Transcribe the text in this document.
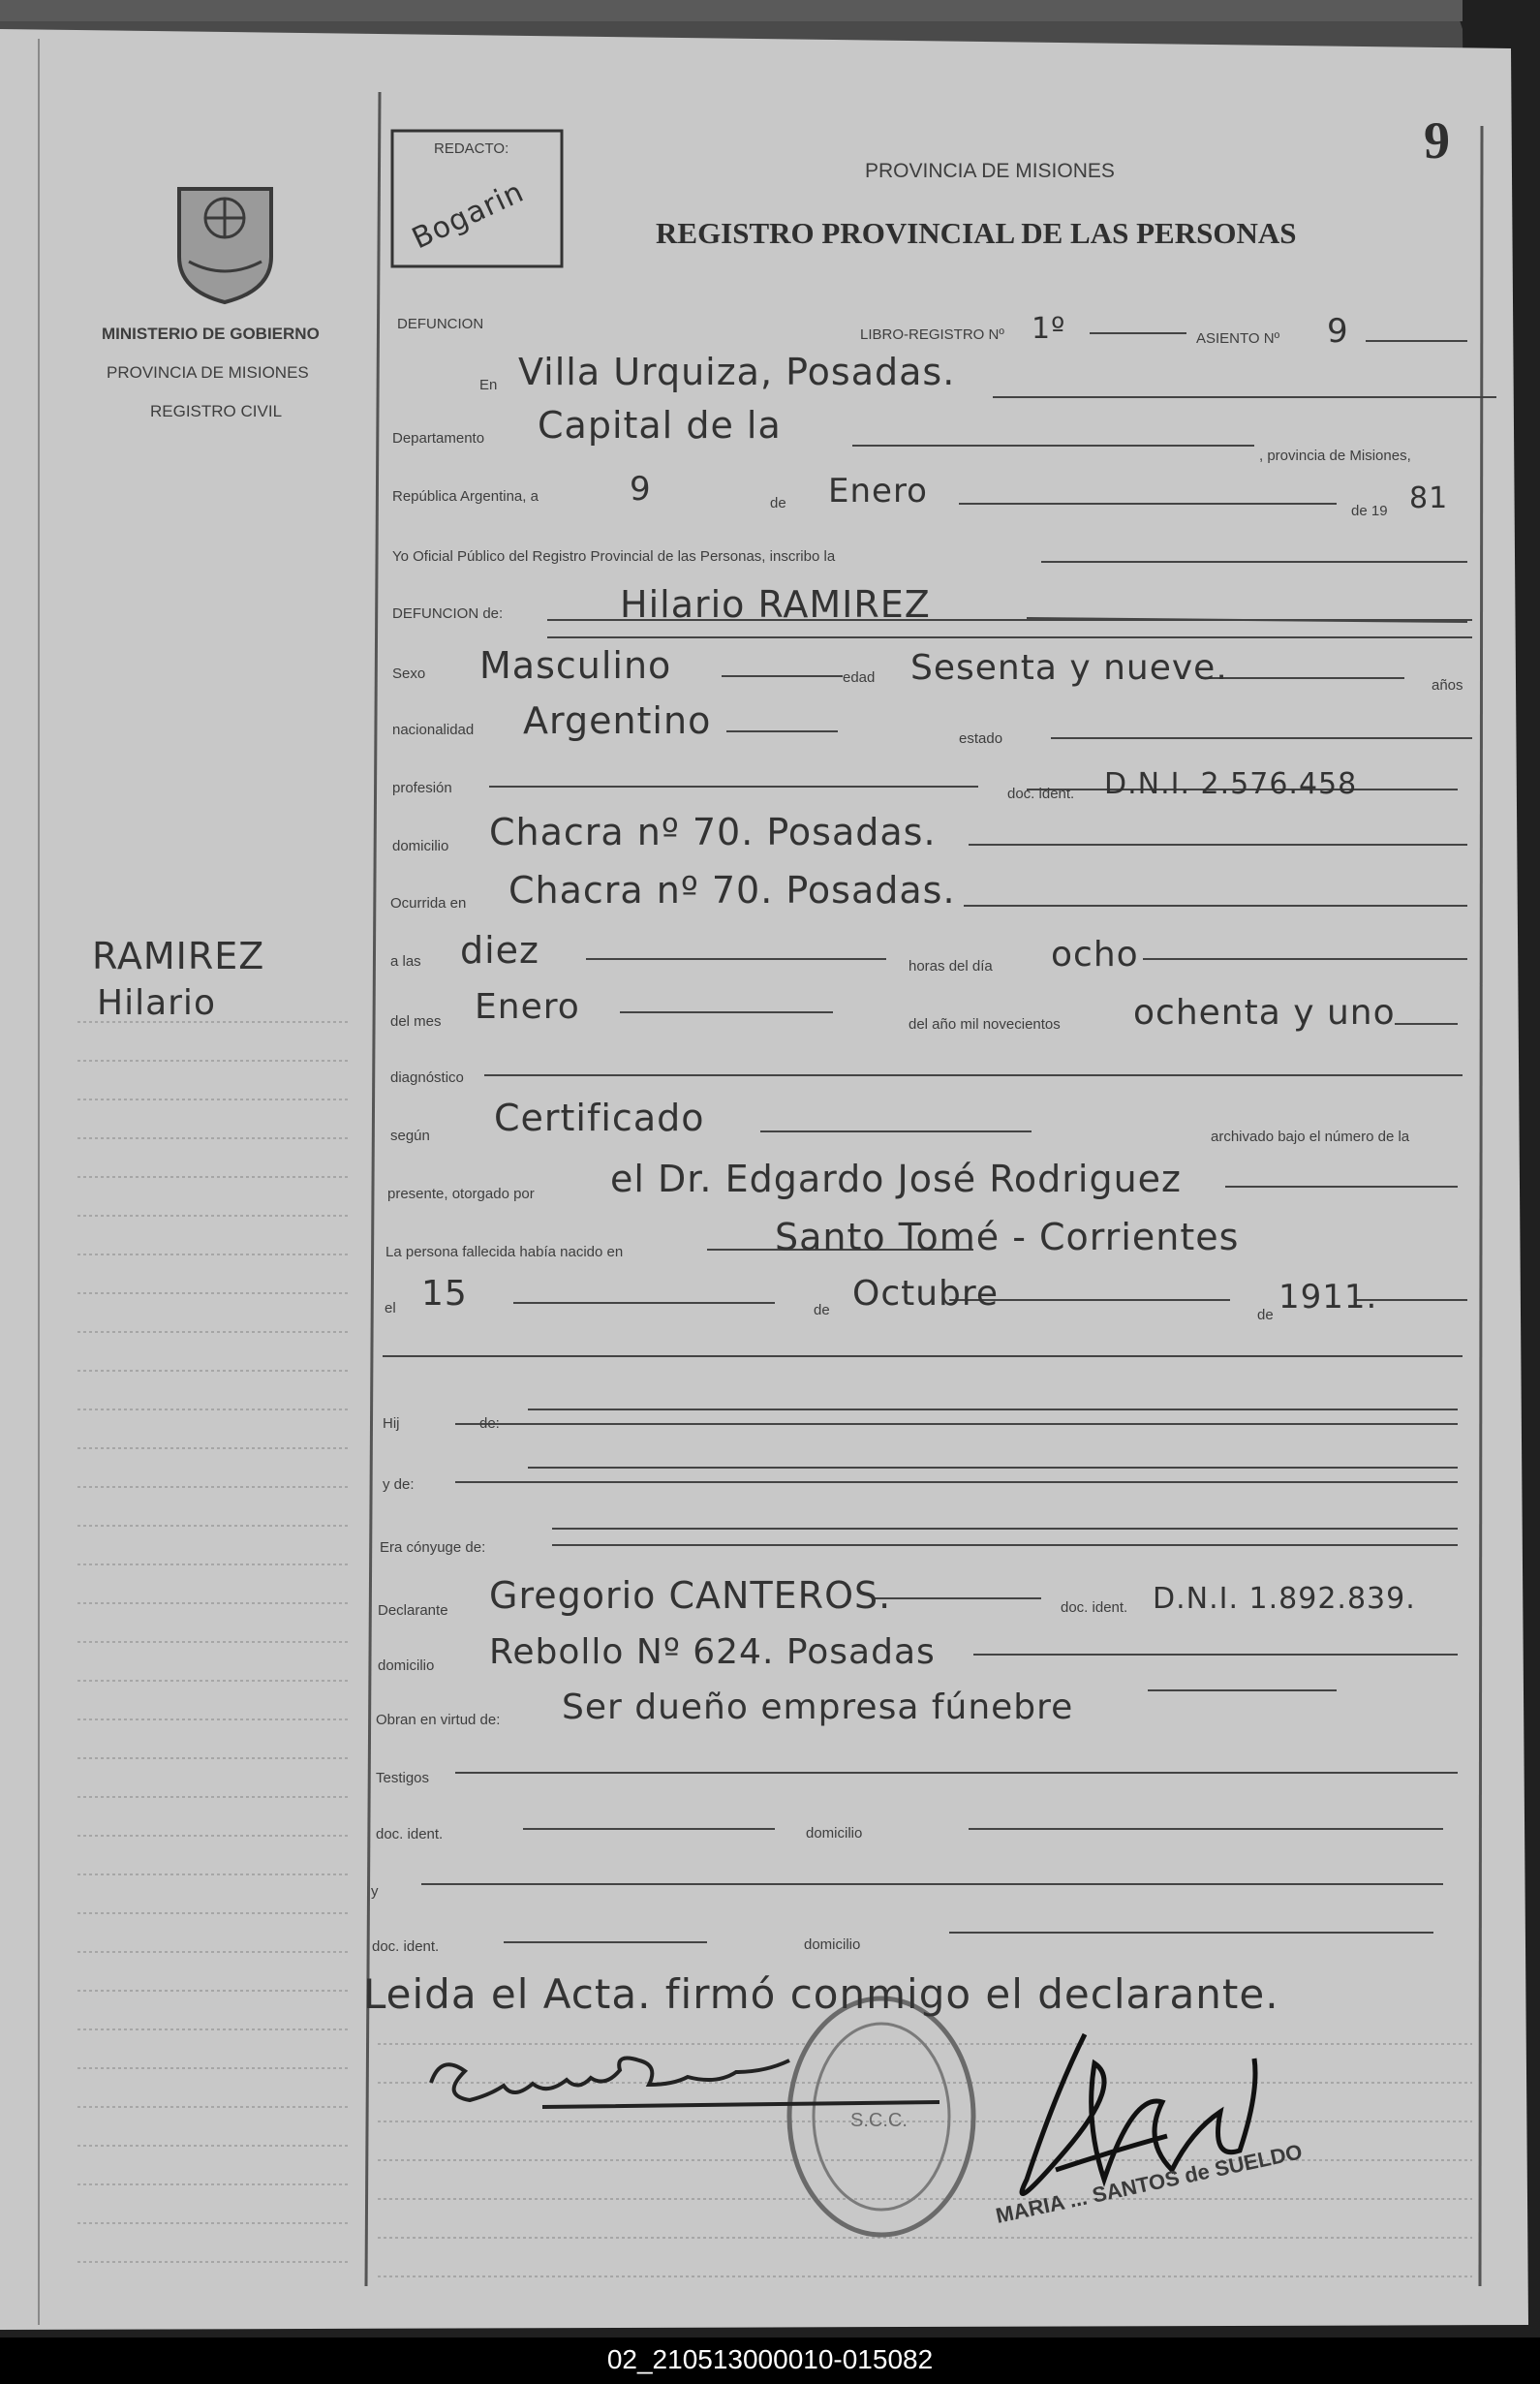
S.C.C.
MARIA ... SANTOS de SUELDO
9
PROVINCIA DE MISIONES
REGISTRO PROVINCIAL DE LAS PERSONAS
MINISTERIO DE GOBIERNO
PROVINCIA DE MISIONES
REGISTRO CIVIL
REDACTO:
Bogarin
RAMIREZ
Hilario
DEFUNCION
LIBRO-REGISTRO Nº 1º	ASIENTO Nº 9
En Villa Urquiza, Posadas.
Departamento Capital de la
, provincia de Misiones,
República Argentina, a	9	de Enero
de 19 81
Yo Oficial Público del Registro Provincial de las Personas, inscribo la
DEFUNCION de:	Hilario RAMIREZ
Sexo Masculino	edad Sesenta y nueve.	años
nacionalidad Argentino	estado
profesión	doc. ident. D.N.I. 2.576.458
domicilio Chacra nº 70. Posadas.
Ocurrida en Chacra nº 70. Posadas.
a las diez	horas del día ocho
del mes Enero	del año mil novecientos ochenta y uno
diagnóstico
según Certificado	archivado bajo el número de la
presente, otorgado por el Dr. Edgardo José Rodriguez
La persona fallecida había nacido en	Santo Tomé - Corrientes
el 15	de Octubre
de 1911.
Hij	de:
y de:
Era cónyuge de:
Declarante Gregorio CANTEROS.	doc. ident. D.N.I. 1.892.839.
domicilio Rebollo Nº 624. Posadas
Obran en virtud de: Ser dueño empresa fúnebre
Testigos
doc. ident.	domicilio
y
doc. ident.	domicilio
Leida el Acta. firmó conmigo el declarante.
02_210513000010-015082
